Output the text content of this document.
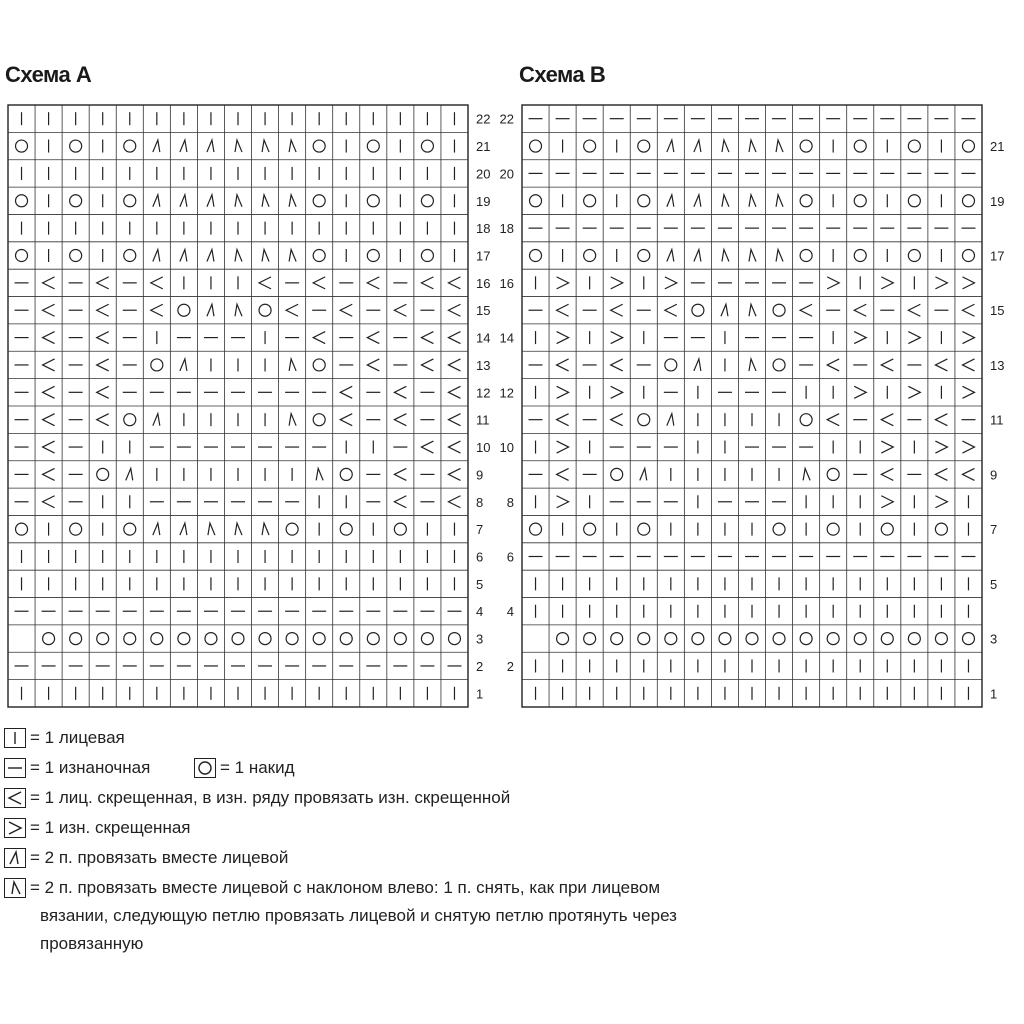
Схема А	Схема В
1
2
3
4
5
6
7
8
9
10
11
12
13
14
15
16
17
18
19
20
21
22
1
2
3
4
5
6
7
8
9
10
11
12
13
14
15
16
17
18
19
20
21
22
= 1 лицевая
= 1 изнаночная	= 1 накид
= 1 лиц. скрещенная, в изн. ряду провязать изн. скрещенной
= 1 изн. скрещенная
= 2 п. провязать вместе лицевой
= 2 п. провязать вместе лицевой с наклоном влево: 1 п. снять, как при лицевом
вязании, следующую петлю провязать лицевой и снятую петлю протянуть через
провязанную
